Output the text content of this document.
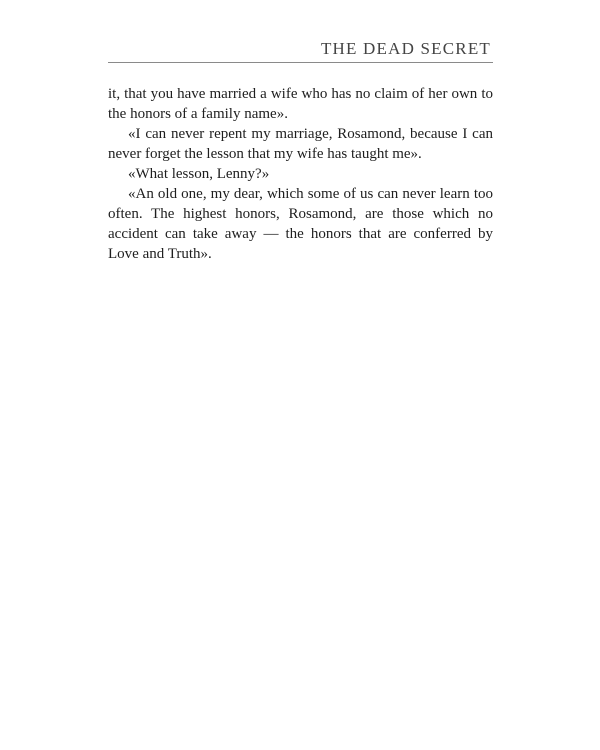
THE DEAD SECRET

it, that you have married a wife who has no claim of her own to the honors of a family name».

«I can never repent my marriage, Rosamond, because I can never forget the lesson that my wife has taught me».

«What lesson, Lenny?»

«An old one, my dear, which some of us can never learn too often. The highest honors, Rosamond, are those which no accident can take away — the honors that are conferred by Love and Truth».
